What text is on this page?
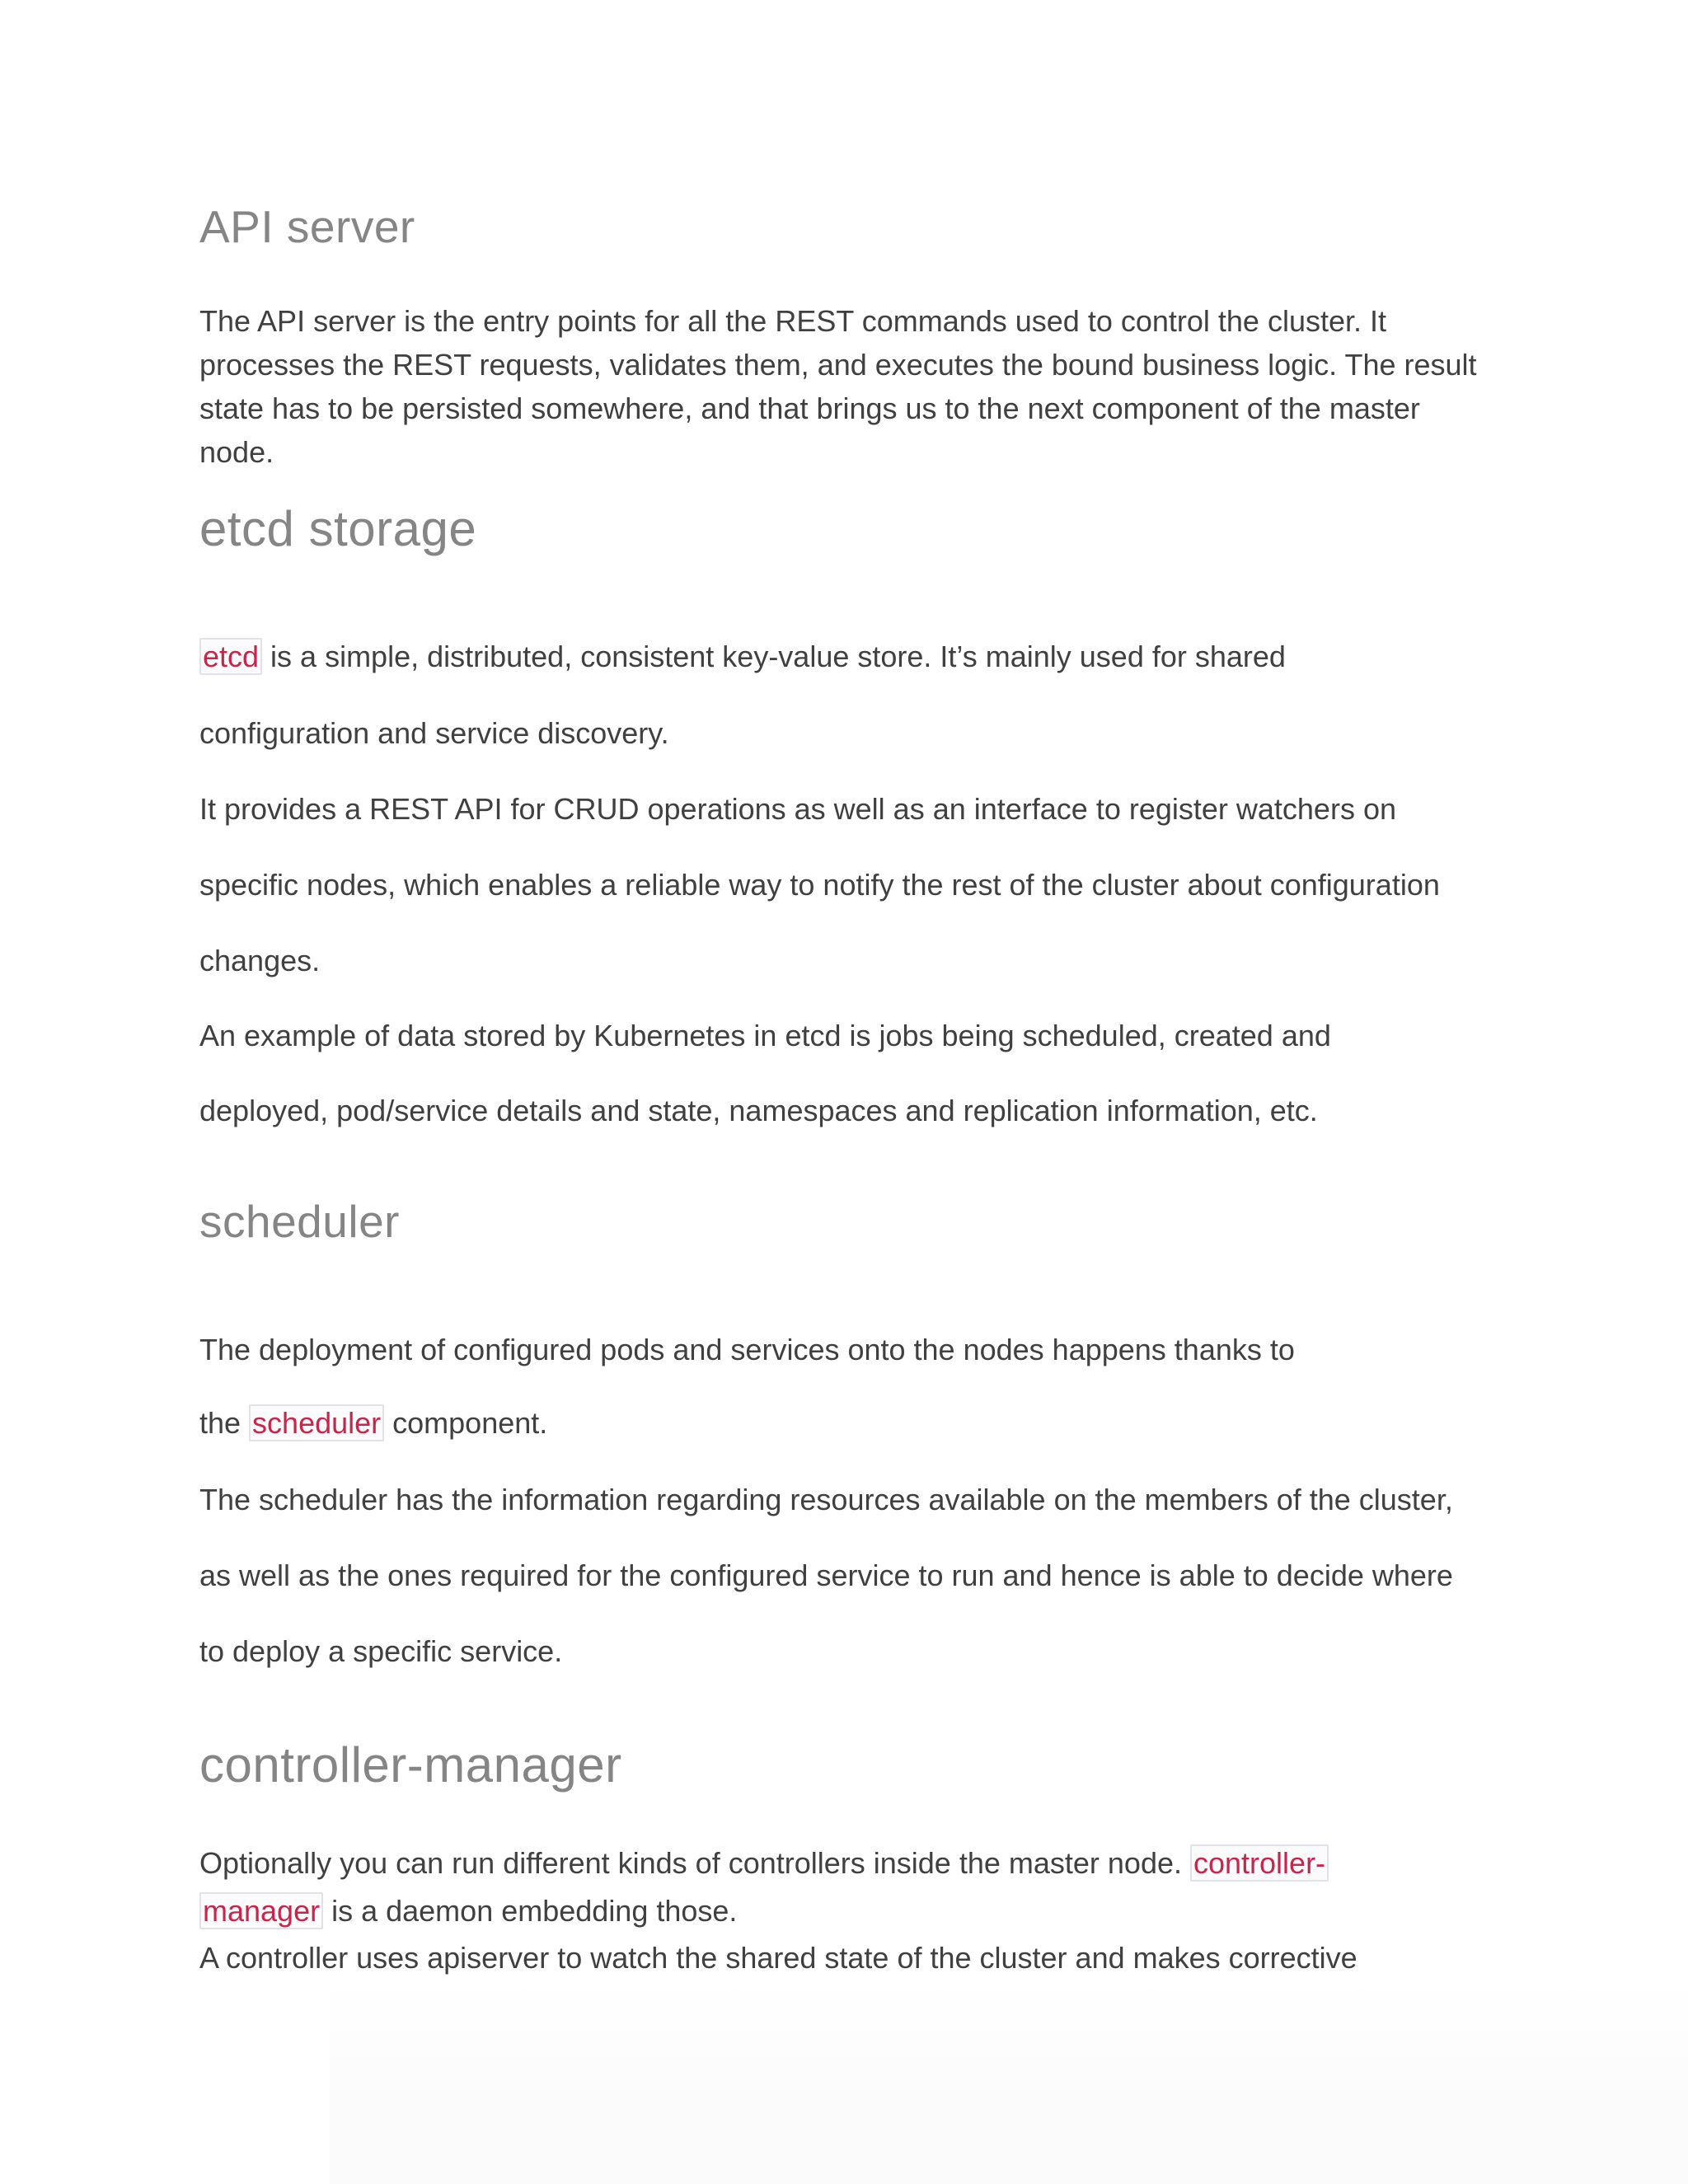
API server

The API server is the entry points for all the REST commands used to control the cluster. It

processes the REST requests, validates them, and executes the bound business logic. The result

state has to be persisted somewhere, and that brings us to the next component of the master

node.

etcd storage

etcd is a simple, distributed, consistent key-value store. It’s mainly used for shared

configuration and service discovery.

It provides a REST API for CRUD operations as well as an interface to register watchers on

specific nodes, which enables a reliable way to notify the rest of the cluster about configuration

changes.

An example of data stored by Kubernetes in etcd is jobs being scheduled, created and

deployed, pod/service details and state, namespaces and replication information, etc.

scheduler

The deployment of configured pods and services onto the nodes happens thanks to

the scheduler component.

The scheduler has the information regarding resources available on the members of the cluster,

as well as the ones required for the configured service to run and hence is able to decide where

to deploy a specific service.

controller-manager

Optionally you can run different kinds of controllers inside the master node. controller-

manager is a daemon embedding those.

A controller uses apiserver to watch the shared state of the cluster and makes corrective
